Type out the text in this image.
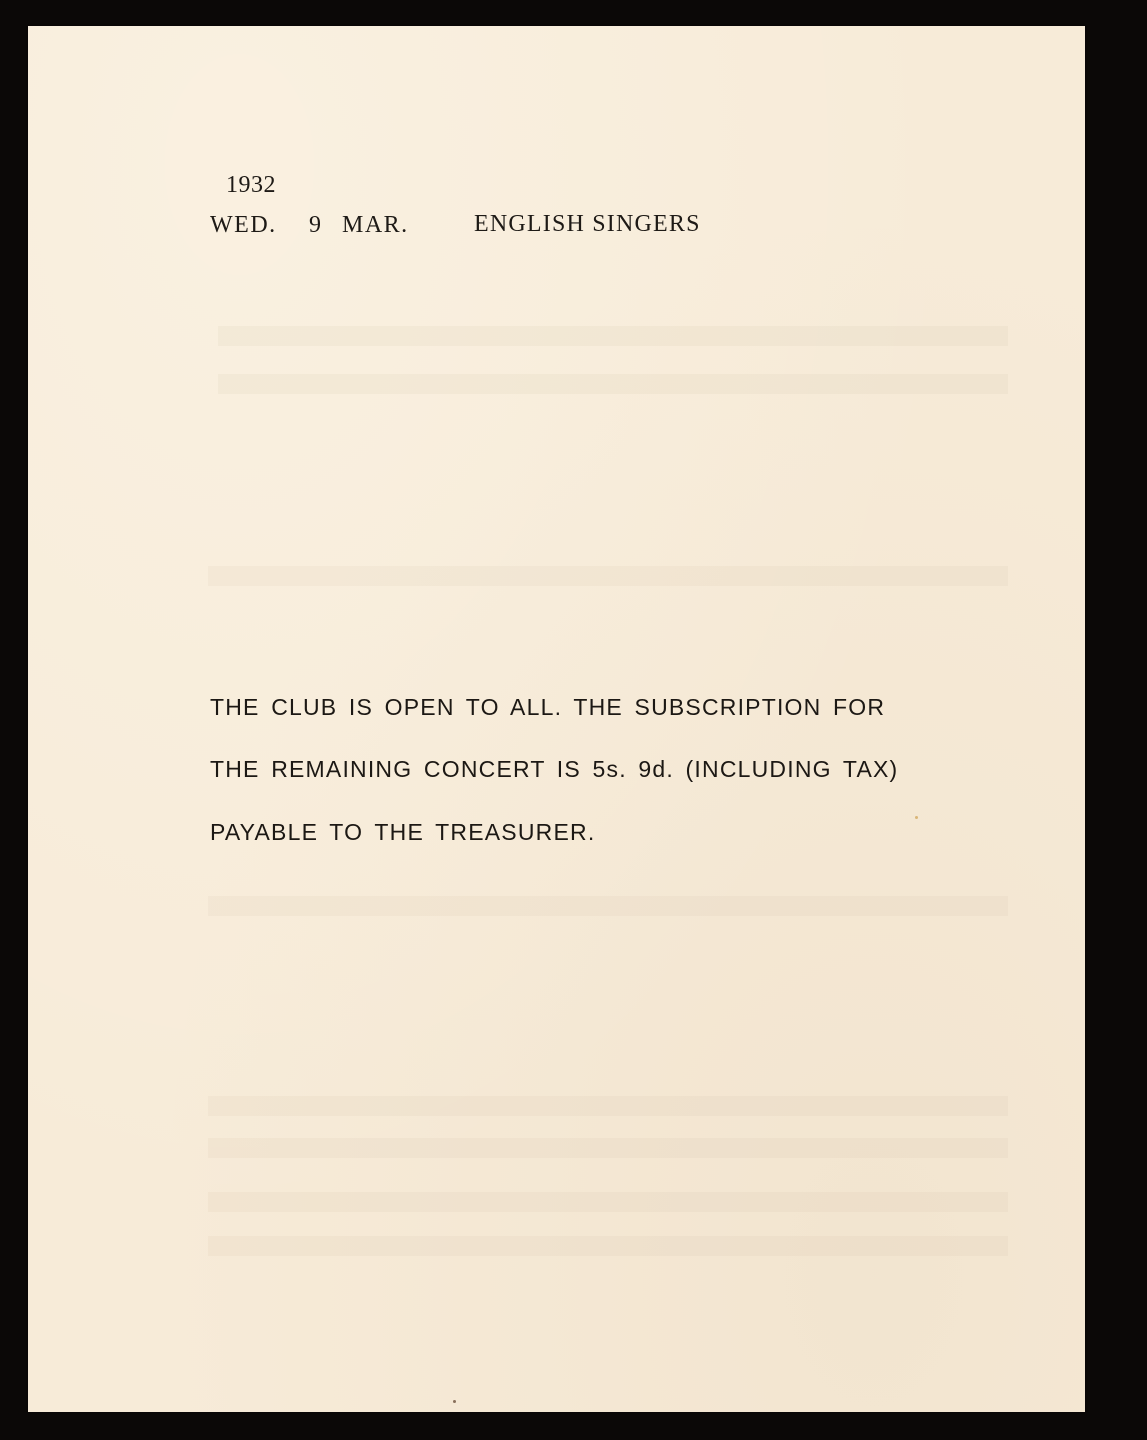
1932
WED. 9 MAR.	ENGLISH SINGERS
THE CLUB IS OPEN TO ALL. THE SUBSCRIPTION FOR
THE REMAINING CONCERT IS 5s. 9d. (INCLUDING TAX)
PAYABLE TO THE TREASURER.
